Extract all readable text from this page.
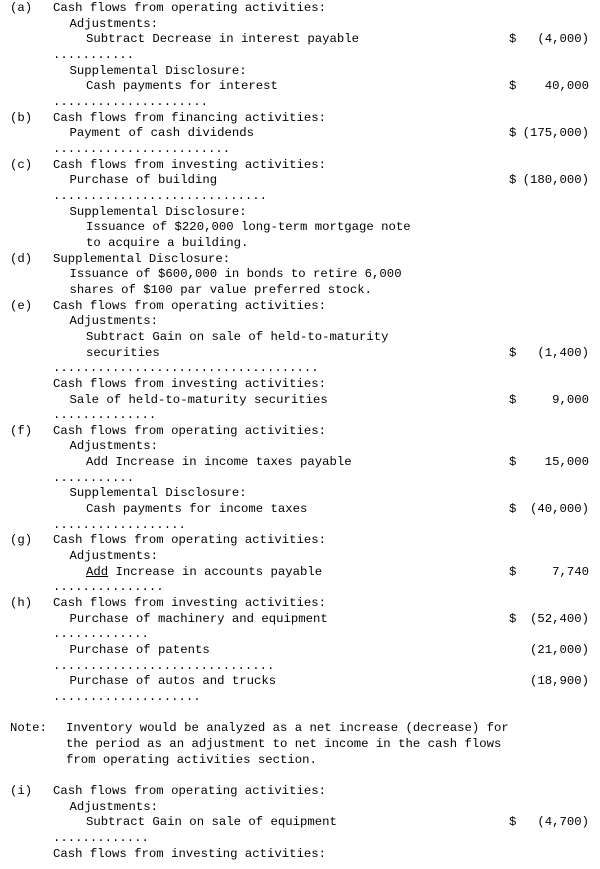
(a) Cash flows from operating activities:
Adjustments:
Subtract Decrease in interest payable	$	(4,000)
...........
Supplemental Disclosure:
Cash payments for interest	$	40,000
.....................
(b) Cash flows from financing activities:
Payment of cash dividends	$ (175,000)
........................
(c) Cash flows from investing activities:
Purchase of building	$ (180,000)
.............................
Supplemental Disclosure:
Issuance of $220,000 long-term mortgage note
to acquire a building.
(d) Supplemental Disclosure:
Issuance of $600,000 in bonds to retire 6,000
shares of $100 par value preferred stock.
(e) Cash flows from operating activities:
Adjustments:
Subtract Gain on sale of held-to-maturity
securities	$	(1,400)
....................................
Cash flows from investing activities:
Sale of held-to-maturity securities	$	9,000
..............
(f) Cash flows from operating activities:
Adjustments:
Add Increase in income taxes payable	$	15,000
...........
Supplemental Disclosure:
Cash payments for income taxes	$	(40,000)
..................
(g) Cash flows from operating activities:
Adjustments:
Add Increase in accounts payable	$	7,740
...............
(h) Cash flows from investing activities:
Purchase of machinery and equipment	$	(52,400)
.............
Purchase of patents	(21,000)
..............................
Purchase of autos and trucks	(18,900)
....................
Note: Inventory would be analyzed as a net increase (decrease) for
the period as an adjustment to net income in the cash flows
from operating activities section.
(i) Cash flows from operating activities:
Adjustments:
Subtract Gain on sale of equipment	$	(4,700)
.............
Cash flows from investing activities:
